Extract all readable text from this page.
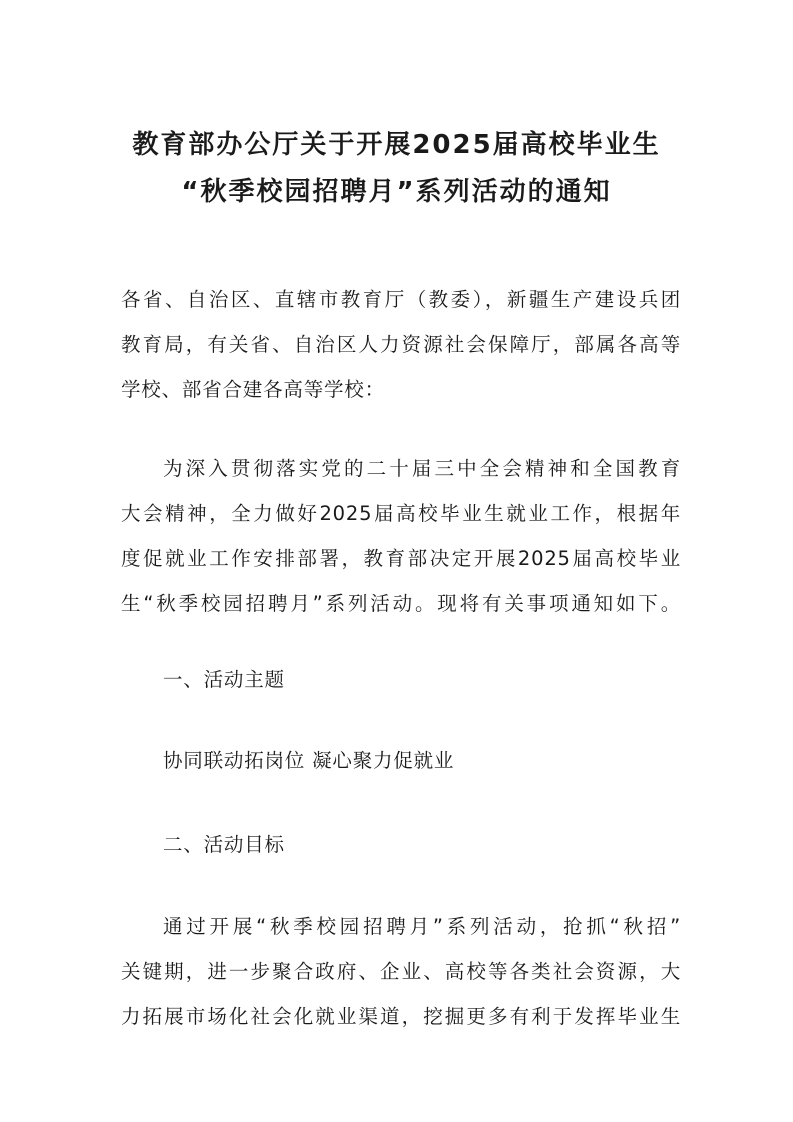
教育部办公厅关于开展2025届高校毕业生
“秋季校园招聘月”系列活动的通知

各省、自治区、直辖市教育厅（教委），新疆生产建设兵团

教育局，有关省、自治区人力资源社会保障厅，部属各高等

学校、部省合建各高等学校：

为深入贯彻落实党的二十届三中全会精神和全国教育

大会精神，全力做好2025届高校毕业生就业工作，根据年

度促就业工作安排部署，教育部决定开展2025届高校毕业

生“秋季校园招聘月”系列活动。现将有关事项通知如下。

一、活动主题

协同联动拓岗位 凝心聚力促就业

二、活动目标

通过开展“秋季校园招聘月”系列活动，抢抓“秋招”

关键期，进一步聚合政府、企业、高校等各类社会资源，大

力拓展市场化社会化就业渠道，挖掘更多有利于发挥毕业生
